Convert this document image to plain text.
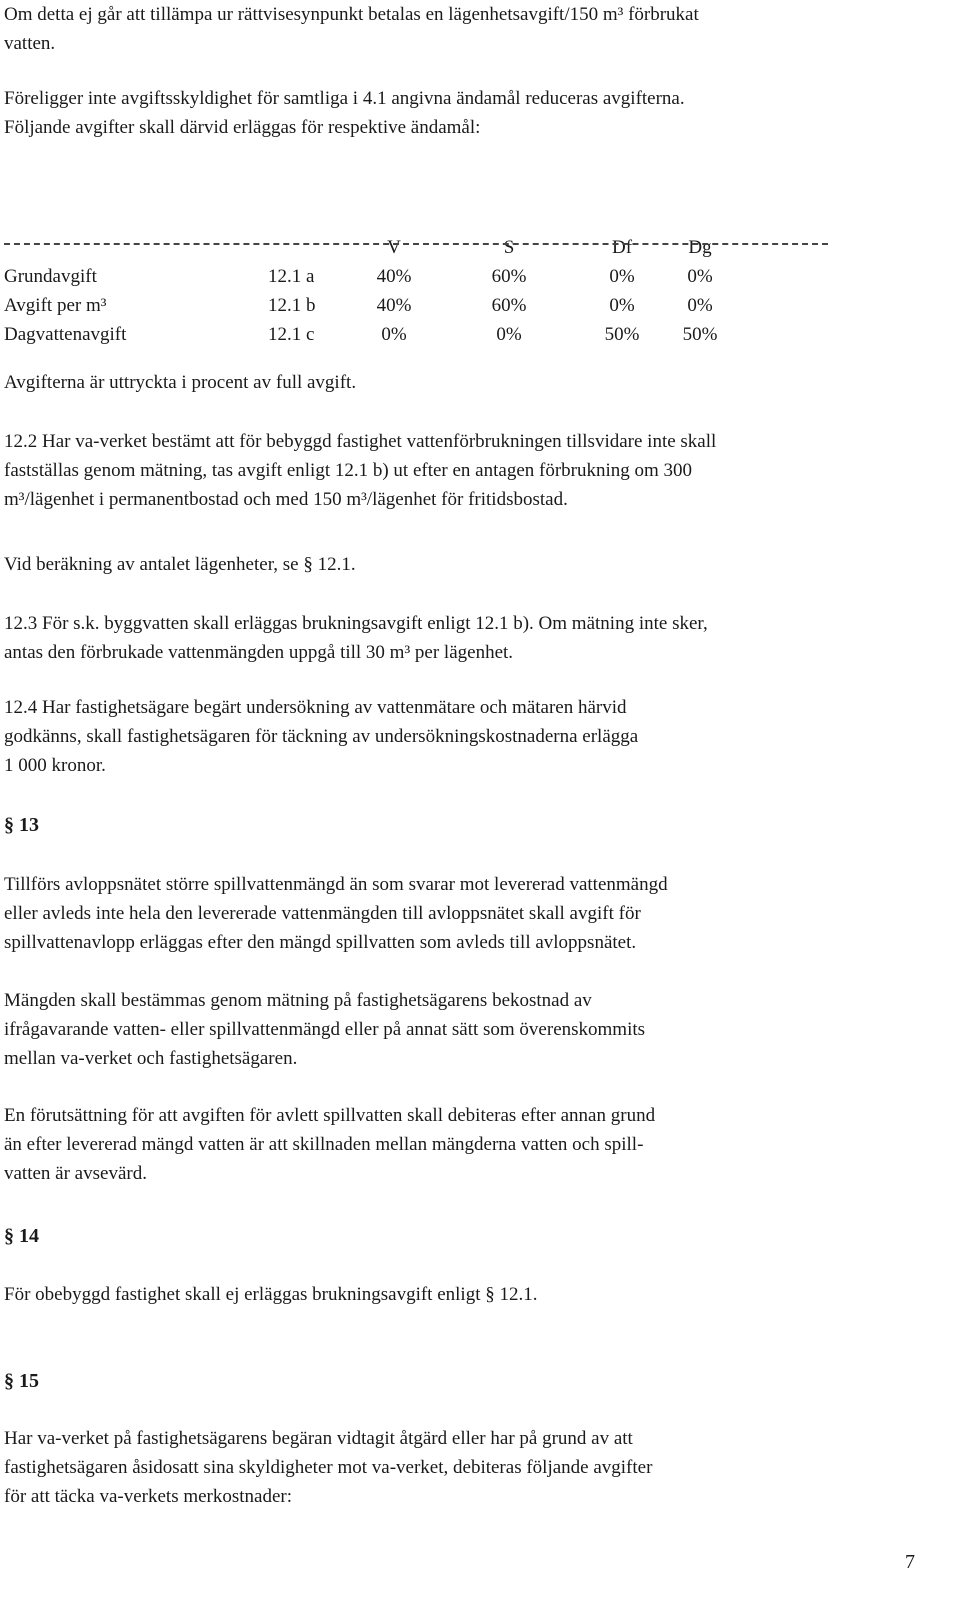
Om detta ej går att tillämpa ur rättvisesynpunkt betalas en lägenhetsavgift/150 m³ förbrukat
vatten.

Föreligger inte avgiftsskyldighet för samtliga i 4.1 angivna ändamål reduceras avgifterna.
Följande avgifter skall därvid erläggas för respektive ändamål:

		V	S	Df	Dg
Grundavgift	12.1 a	40%	60%	0%	0%
Avgift per m³	12.1 b	40%	60%	0%	0%
Dagvattenavgift	12.1 c	0%	0%	50%	50%

Avgifterna är uttryckta i procent av full avgift.

12.2 Har va-verket bestämt att för bebyggd fastighet vattenförbrukningen tillsvidare inte skall
fastställas genom mätning, tas avgift enligt 12.1 b) ut efter en antagen förbrukning om 300
m³/lägenhet i permanentbostad och med 150 m³/lägenhet för fritidsbostad.

Vid beräkning av antalet lägenheter, se § 12.1.

12.3 För s.k. byggvatten skall erläggas brukningsavgift enligt 12.1 b). Om mätning inte sker,
antas den förbrukade vattenmängden uppgå till 30 m³ per lägenhet.

12.4 Har fastighetsägare begärt undersökning av vattenmätare och mätaren härvid
godkänns, skall fastighetsägaren för täckning av undersökningskostnaderna erlägga
1 000 kronor.

§ 13

Tillförs avloppsnätet större spillvattenmängd än som svarar mot levererad vattenmängd
eller avleds inte hela den levererade vattenmängden till avloppsnätet skall avgift för
spillvattenavlopp erläggas efter den mängd spillvatten som avleds till avloppsnätet.

Mängden skall bestämmas genom mätning på fastighetsägarens bekostnad av
ifrågavarande vatten- eller spillvattenmängd eller på annat sätt som överenskommits
mellan va-verket och fastighetsägaren.

En förutsättning för att avgiften för avlett spillvatten skall debiteras efter annan grund
än efter levererad mängd vatten är att skillnaden mellan mängderna vatten och spill-
vatten är avsevärd.

§ 14

För obebyggd fastighet skall ej erläggas brukningsavgift enligt § 12.1.

§ 15

Har va-verket på fastighetsägarens begäran vidtagit åtgärd eller har på grund av att
fastighetsägaren åsidosatt sina skyldigheter mot va-verket, debiteras följande avgifter
för att täcka va-verkets merkostnader:

7
